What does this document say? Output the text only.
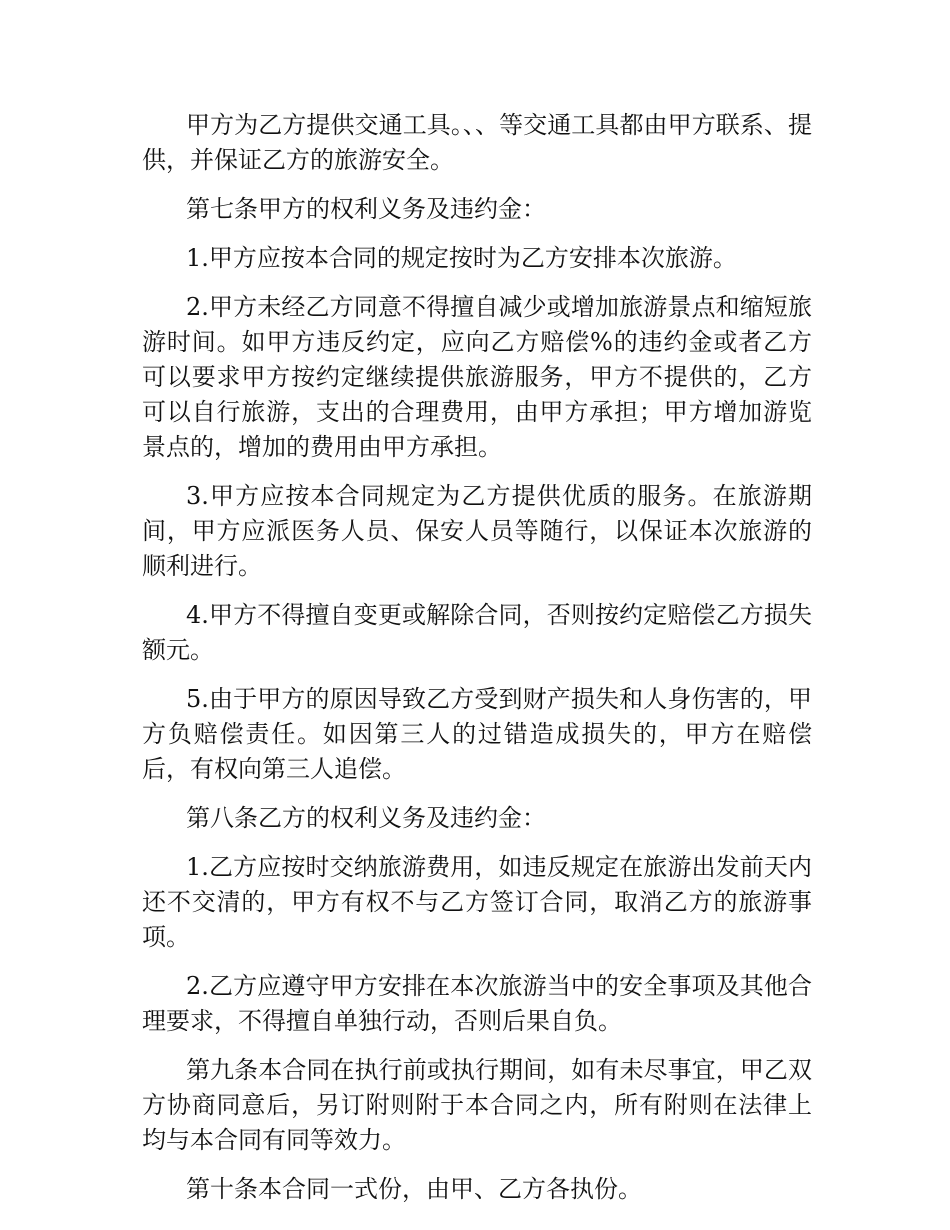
甲方为乙方提供交通工具。、、等交通工具都由甲方联系、提供，并保证乙方的旅游安全。

第七条甲方的权利义务及违约金：

1.甲方应按本合同的规定按时为乙方安排本次旅游。

2.甲方未经乙方同意不得擅自减少或增加旅游景点和缩短旅游时间。如甲方违反约定，应向乙方赔偿%的违约金或者乙方可以要求甲方按约定继续提供旅游服务，甲方不提供的，乙方可以自行旅游，支出的合理费用，由甲方承担；甲方增加游览景点的，增加的费用由甲方承担。

3.甲方应按本合同规定为乙方提供优质的服务。在旅游期间，甲方应派医务人员、保安人员等随行，以保证本次旅游的顺利进行。

4.甲方不得擅自变更或解除合同，否则按约定赔偿乙方损失额元。

5.由于甲方的原因导致乙方受到财产损失和人身伤害的，甲方负赔偿责任。如因第三人的过错造成损失的，甲方在赔偿后，有权向第三人追偿。

第八条乙方的权利义务及违约金：

1.乙方应按时交纳旅游费用，如违反规定在旅游出发前天内还不交清的，甲方有权不与乙方签订合同，取消乙方的旅游事项。

2.乙方应遵守甲方安排在本次旅游当中的安全事项及其他合理要求，不得擅自单独行动，否则后果自负。

第九条本合同在执行前或执行期间，如有未尽事宜，甲乙双方协商同意后，另订附则附于本合同之内，所有附则在法律上均与本合同有同等效力。

第十条本合同一式份，由甲、乙方各执份。
